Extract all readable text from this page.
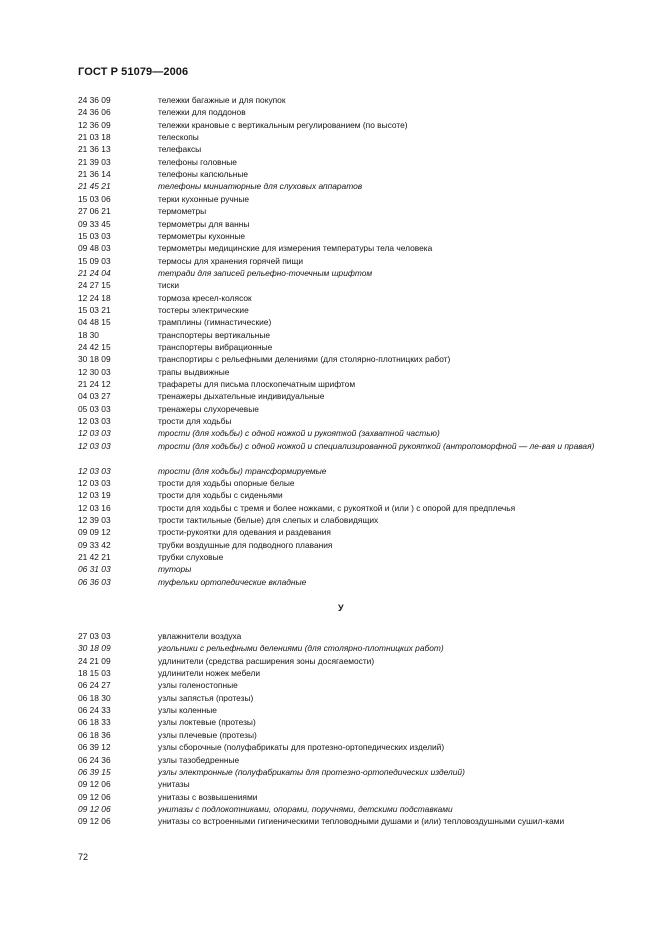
ГОСТ Р 51079—2006
24 36 09	тележки багажные и для покупок
24 36 06	тележки для поддонов
12 36 09	тележки крановые с вертикальным регулированием (по высоте)
21 03 18	телескопы
21 36 13	телефаксы
21 39 03	телефоны головные
21 36 14	телефоны капсюльные
21 45 21	телефоны миниатюрные для слуховых аппаратов
15 03 06	терки кухонные ручные
27 06 21	термометры
09 33 45	термометры для ванны
15 03 03	термометры кухонные
09 48 03	термометры медицинские для измерения температуры тела человека
15 09 03	термосы для хранения горячей пищи
21 24 04	тетради для записей рельефно-точечным шрифтом
24 27 15	тиски
12 24 18	тормоза кресел-колясок
15 03 21	тостеры электрические
04 48 15	трамплины (гимнастические)
18 30	транспортеры вертикальные
24 42 15	транспортеры вибрационные
30 18 09	транспортиры с рельефными делениями (для столярно-плотницких работ)
12 30 03	трапы выдвижные
21 24 12	трафареты для письма плоскопечатным шрифтом
04 03 27	тренажеры дыхательные индивидуальные
05 03 03	тренажеры слухоречевые
12 03 03	трости для ходьбы
12 03 03	трости (для ходьбы) с одной ножкой и рукояткой (захватной частью)
12 03 03	трости (для ходьбы) с одной ножкой и специализированной рукояткой (антропоморфной — ле-вая и правая)
12 03 03	трости (для ходьбы) трансформируемые
12 03 03	трости для ходьбы опорные белые
12 03 19	трости для ходьбы с сиденьями
12 03 16	трости для ходьбы с тремя и более ножками, с рукояткой и (или ) с опорой для предплечья
12 39 03	трости тактильные (белые) для слепых и слабовидящих
09 09 12	трости-рукоятки для одевания и раздевания
09 33 42	трубки воздушные для подводного плавания
21 42 21	трубки слуховые
06 31 03	туторы
06 36 03	туфельки ортопедические вкладные
27 03 03	увлажнители воздуха
30 18 09	угольники с рельефными делениями (для столярно-плотницких работ)
24 21 09	удлинители (средства расширения зоны досягаемости)
18 15 03	удлинители ножек мебели
06 24 27	узлы голеностопные
06 18 30	узлы запястья (протезы)
06 24 33	узлы коленные
06 18 33	узлы локтевые (протезы)
06 18 36	узлы плечевые (протезы)
06 39 12	узлы сборочные (полуфабрикаты для протезно-ортопедических изделий)
06 24 36	узлы тазобедренные
06 39 15	узлы электронные (полуфабрикаты для протезно-ортопедических изделий)
09 12 06	унитазы
09 12 06	унитазы с возвышениями
09 12 06	унитазы с подлокотниками, опорами, поручнями, детскими подставками
09 12 06	унитазы со встроенными гигиеническими тепловодными душами и (или) тепловоздушными сушил-ками
У
72
